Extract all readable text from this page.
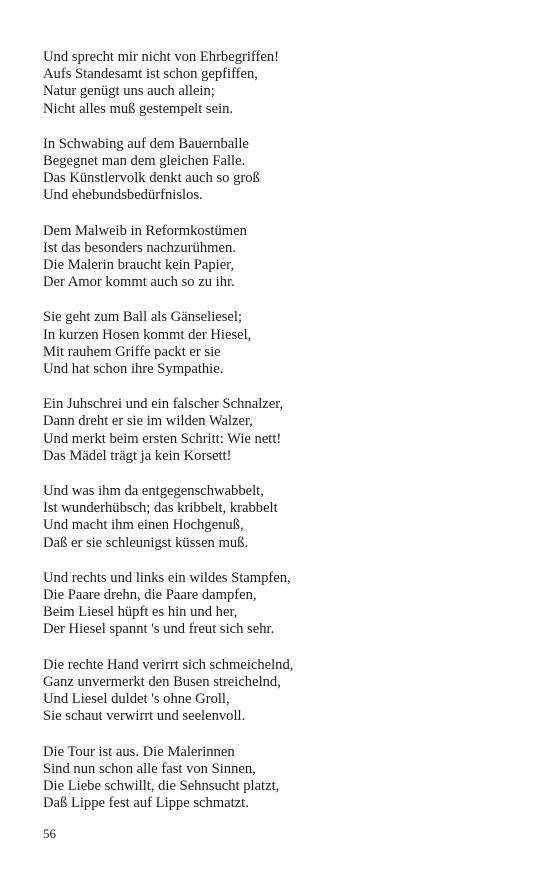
Und sprecht mir nicht von Ehrbegriffen!
Aufs Standesamt ist schon gepfiffen,
Natur genügt uns auch allein;
Nicht alles muß gestempelt sein.
In Schwabing auf dem Bauernballe
Begegnet man dem gleichen Falle.
Das Künstlervolk denkt auch so groß
Und ehebundsbedürfnislos.
Dem Malweib in Reformkostümen
Ist das besonders nachzurühmen.
Die Malerin braucht kein Papier,
Der Amor kommt auch so zu ihr.
Sie geht zum Ball als Gänseliesel;
In kurzen Hosen kommt der Hiesel,
Mit rauhem Griffe packt er sie
Und hat schon ihre Sympathie.
Ein Juhschrei und ein falscher Schnalzer,
Dann dreht er sie im wilden Walzer,
Und merkt beim ersten Schritt: Wie nett!
Das Mädel trägt ja kein Korsett!
Und was ihm da entgegenschwabbelt,
Ist wunderhübsch; das kribbelt, krabbelt
Und macht ihm einen Hochgenuß,
Daß er sie schleunigst küssen muß.
Und rechts und links ein wildes Stampfen,
Die Paare drehn, die Paare dampfen,
Beim Liesel hüpft es hin und her,
Der Hiesel spannt 's und freut sich sehr.
Die rechte Hand verirrt sich schmeichelnd,
Ganz unvermerkt den Busen streichelnd,
Und Liesel duldet 's ohne Groll,
Sie schaut verwirrt und seelenvoll.
Die Tour ist aus. Die Malerinnen
Sind nun schon alle fast von Sinnen,
Die Liebe schwillt, die Sehnsucht platzt,
Daß Lippe fest auf Lippe schmatzt.
56
